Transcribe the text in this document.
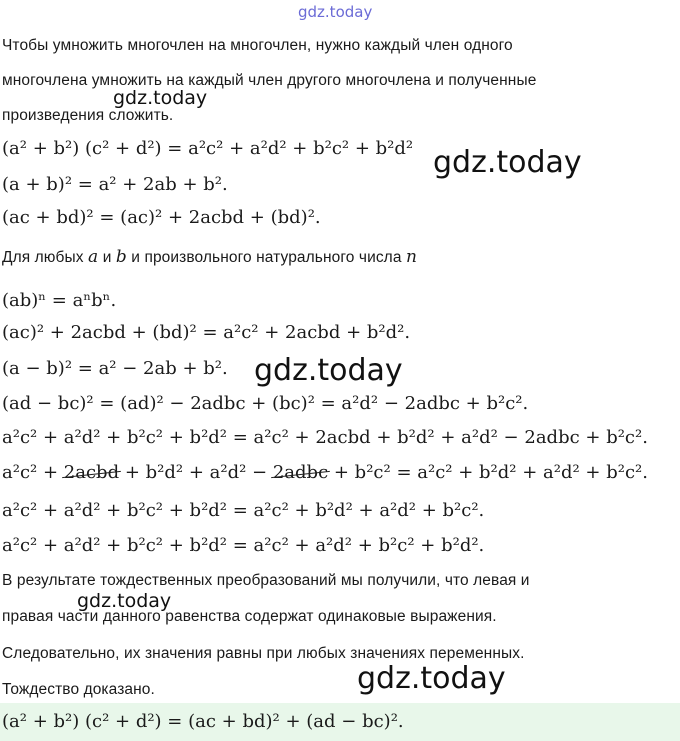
gdz.today
Чтобы умножить многочлен на многочлен, нужно каждый член одного
многочлена умножить на каждый член другого многочлена и полученные
gdz.today
произведения сложить.
(a² + b²) (c² + d²) = a²c² + a²d² + b²c² + b²d² gdz.today
(a + b)² = a² + 2ab + b².
(ac + bd)² = (ac)² + 2acbd + (bd)².
Для любых a и b и произвольного натурального числа n
(ab)ⁿ = aⁿbⁿ.
(ac)² + 2acbd + (bd)² = a²c² + 2acbd + b²d².
(a − b)² = a² − 2ab + b². gdz.today
(ad − bc)² = (ad)² − 2adbc + (bc)² = a²d² − 2adbc + b²c².
a²c² + a²d² + b²c² + b²d² = a²c² + 2acbd + b²d² + a²d² − 2adbc + b²c².
a²c² + 2acbd + b²d² + a²d² − 2adbc + b²c² = a²c² + b²d² + a²d² + b²c².
a²c² + a²d² + b²c² + b²d² = a²c² + b²d² + a²d² + b²c².
a²c² + a²d² + b²c² + b²d² = a²c² + a²d² + b²c² + b²d².
В результате тождественных преобразований мы получили, что левая и
gdz.today
правая части данного равенства содержат одинаковые выражения.
Следовательно, их значения равны при любых значениях переменных.
gdz.today
Тождество доказано.
(a² + b²) (c² + d²) = (ac + bd)² + (ad − bc)².
